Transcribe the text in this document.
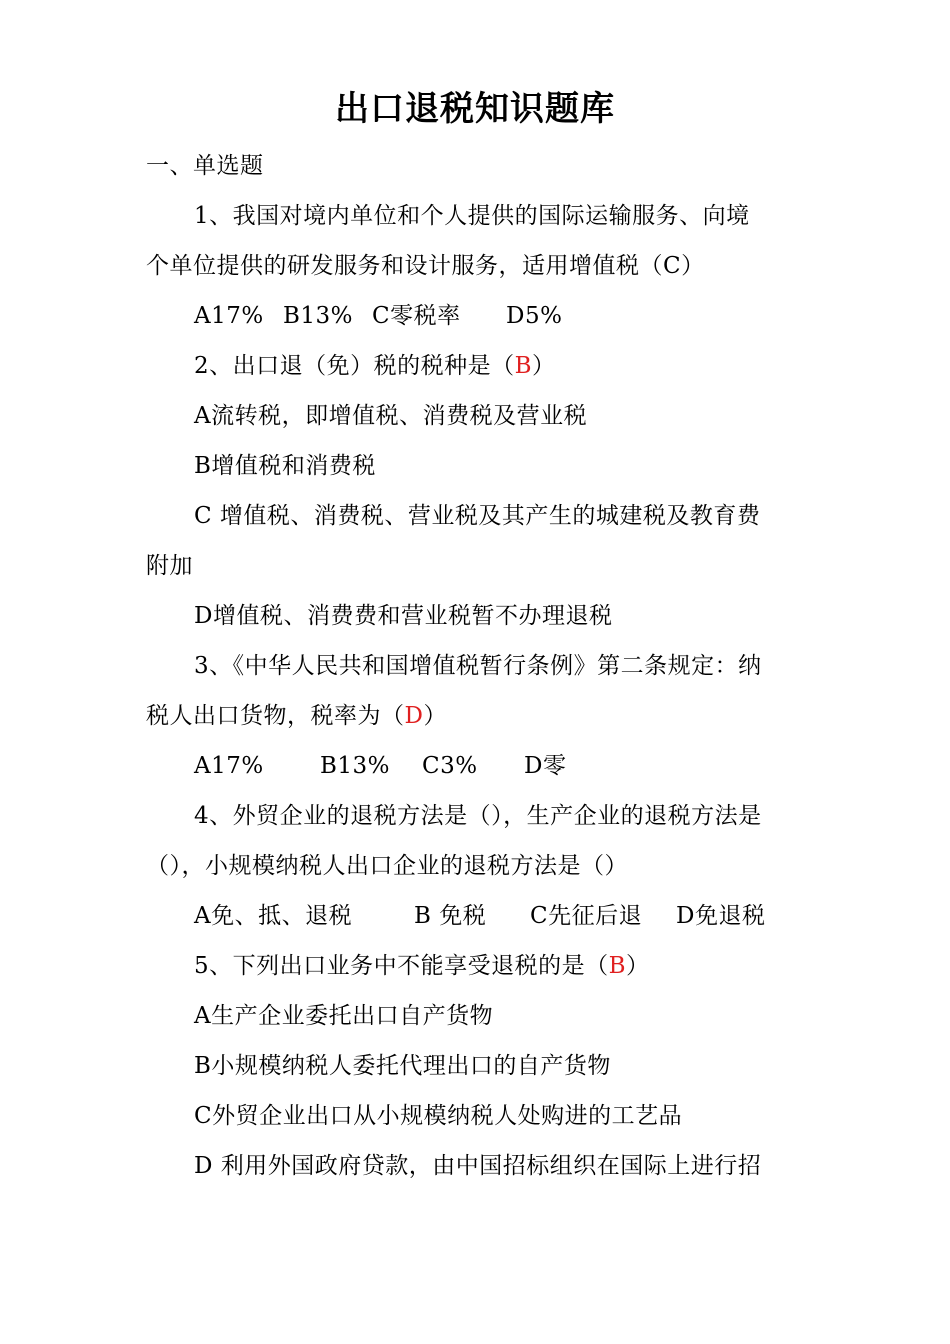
出口退税知识题库
一、单选题
1、我国对境内单位和个人提供的国际运输服务、向境
个单位提供的研发服务和设计服务，适用增值税（C）
A17% B13% C零税率 D5%
2、出口退（免）税的税种是（B）
A流转税，即增值税、消费税及营业税
B增值税和消费税
C 增值税、消费税、营业税及其产生的城建税及教育费
附加
D增值税、消费费和营业税暂不办理退税
3、《中华人民共和国增值税暂行条例》第二条规定：纳
税人出口货物，税率为（D）
A17% B13% C3% D零
4、外贸企业的退税方法是（），生产企业的退税方法是
（），小规模纳税人出口企业的退税方法是（）
A免、抵、退税	B 免税 C先征后退 D免退税
5、下列出口业务中不能享受退税的是（B）
A生产企业委托出口自产货物
B小规模纳税人委托代理出口的自产货物
C外贸企业出口从小规模纳税人处购进的工艺品
D 利用外国政府贷款，由中国招标组织在国际上进行招
